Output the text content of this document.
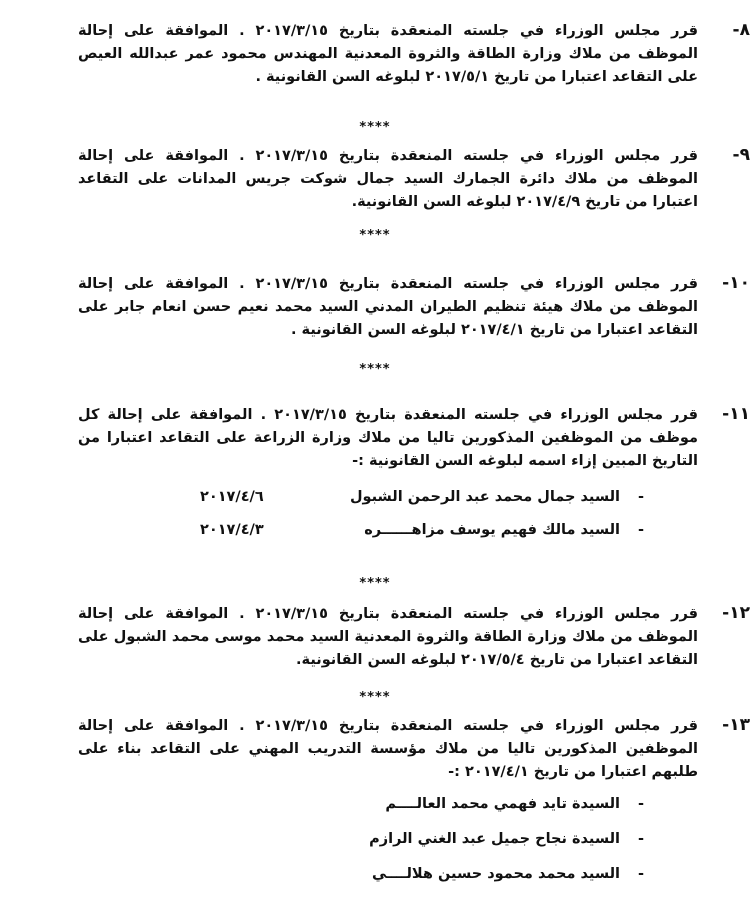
٨-

قرر مجلس الوزراء في جلسته المنعقدة بتاريخ ٢٠١٧/٣/١٥ . الموافقة على إحالة الموظف من ملاك وزارة الطاقة والثروة المعدنية المهندس محمود عمر عبدالله العيص على التقاعد اعتبارا من تاريخ ٢٠١٧/٥/١ لبلوغه السن القانونية .

****
٩-

قرر مجلس الوزراء في جلسته المنعقدة بتاريخ ٢٠١٧/٣/١٥ . الموافقة على إحالة الموظف من ملاك دائرة الجمارك السيد جمال شوكت جريس المدانات على التقاعد اعتبارا من تاريخ ٢٠١٧/٤/٩ لبلوغه السن القانونية.

****
١٠-

قرر مجلس الوزراء في جلسته المنعقدة بتاريخ ٢٠١٧/٣/١٥ . الموافقة على إحالة الموظف من ملاك هيئة تنظيم الطيران المدني السيد محمد نعيم حسن انعام جابر على التقاعد اعتبارا من تاريخ ٢٠١٧/٤/١ لبلوغه السن القانونية .

****
١١-

قرر مجلس الوزراء في جلسته المنعقدة بتاريخ ٢٠١٧/٣/١٥ . الموافقة على إحالة كل موظف من الموظفين المذكورين تاليا من ملاك وزارة الزراعة على التقاعد اعتبارا من التاريخ المبين إزاء اسمه لبلوغه السن القانونية :-

-
السيد جمال محمد عبد الرحمن الشبول
٢٠١٧/٤/٦
-
السيد مالك فهيم يوسف مزاهــــــره
٢٠١٧/٤/٣
****
١٢-

قرر مجلس الوزراء في جلسته المنعقدة بتاريخ ٢٠١٧/٣/١٥ . الموافقة على إحالة الموظف من ملاك وزارة الطاقة والثروة المعدنية السيد محمد موسى محمد الشبول على التقاعد اعتبارا من تاريخ ٢٠١٧/٥/٤ لبلوغه السن القانونية.

****
١٣-

قرر مجلس الوزراء في جلسته المنعقدة بتاريخ ٢٠١٧/٣/١٥ . الموافقة على إحالة الموظفين المذكورين تاليا من ملاك مؤسسة التدريب المهني على التقاعد بناء على طلبهم اعتبارا من تاريخ ٢٠١٧/٤/١ :-

-
السيدة تايد فهمي محمد العالــــم
-
السيدة نجاح جميل عبد الغني الرازم
-
السيد محمد محمود حسين هلالــــي
